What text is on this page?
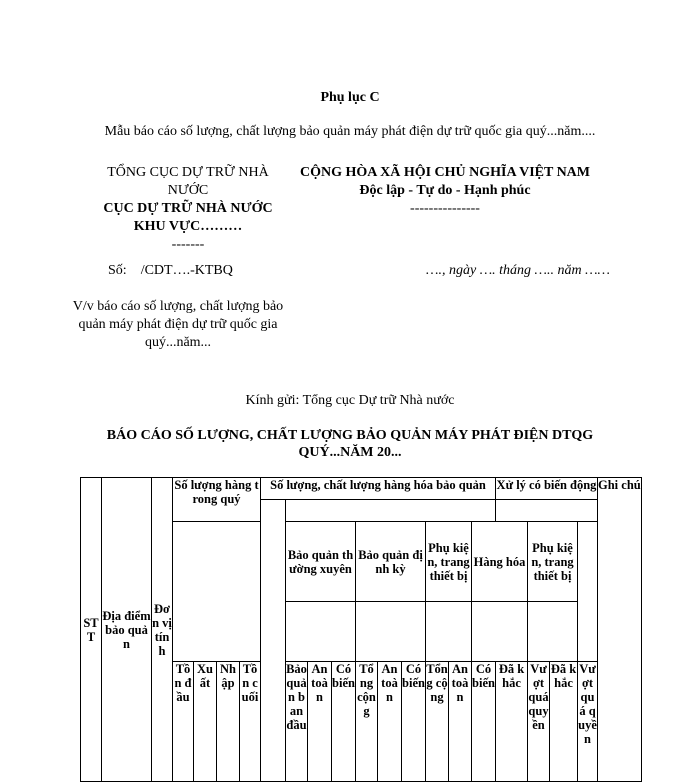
Phụ lục C
Mẫu báo cáo số lượng, chất lượng bảo quản máy phát điện dự trữ quốc gia quý...năm....
TỔNG CỤC DỰ TRỮ NHÀ NƯỚC
CỤC DỰ TRỮ NHÀ NƯỚC KHU VỰC………
-------
CỘNG HÒA XÃ HỘI CHỦ NGHĨA VIỆT NAM
Độc lập - Tự do - Hạnh phúc
---------------
Số: /CDT….-KTBQ	…., ngày …. tháng ….. năm ……
V/v báo cáo số lượng, chất lượng bảo quản máy phát điện dự trữ quốc gia quý...năm...
Kính gửi: Tổng cục Dự trữ Nhà nước
BÁO CÁO SỐ LƯỢNG, CHẤT LƯỢNG BẢO QUẢN MÁY PHÁT ĐIỆN DTQG QUÝ...NĂM 20...
STT	Địa điểm bảo quản	Đơn vị tính	Số lượng hàng trong quý				Số lượng, chất lượng hàng hóa bảo quản										Xử lý có biến động				Ghi chú

								Bảo quản thường xuyên			Bảo quản định kỳ			Phụ kiện, trang thiết bị		Hàng hóa		Phụ kiện, trang thiết bị			

			Tồn đầu	Xuất	Nhập	Tồn cuối		Bảo quản ban đầu	An toàn	Có biến	Tổng cộng	An toàn	Có biến	Tổng cộng	An toàn	Có biến	Đã khắc	Vượt quá quyền	Đã khắc	Vượt quá quyền	
